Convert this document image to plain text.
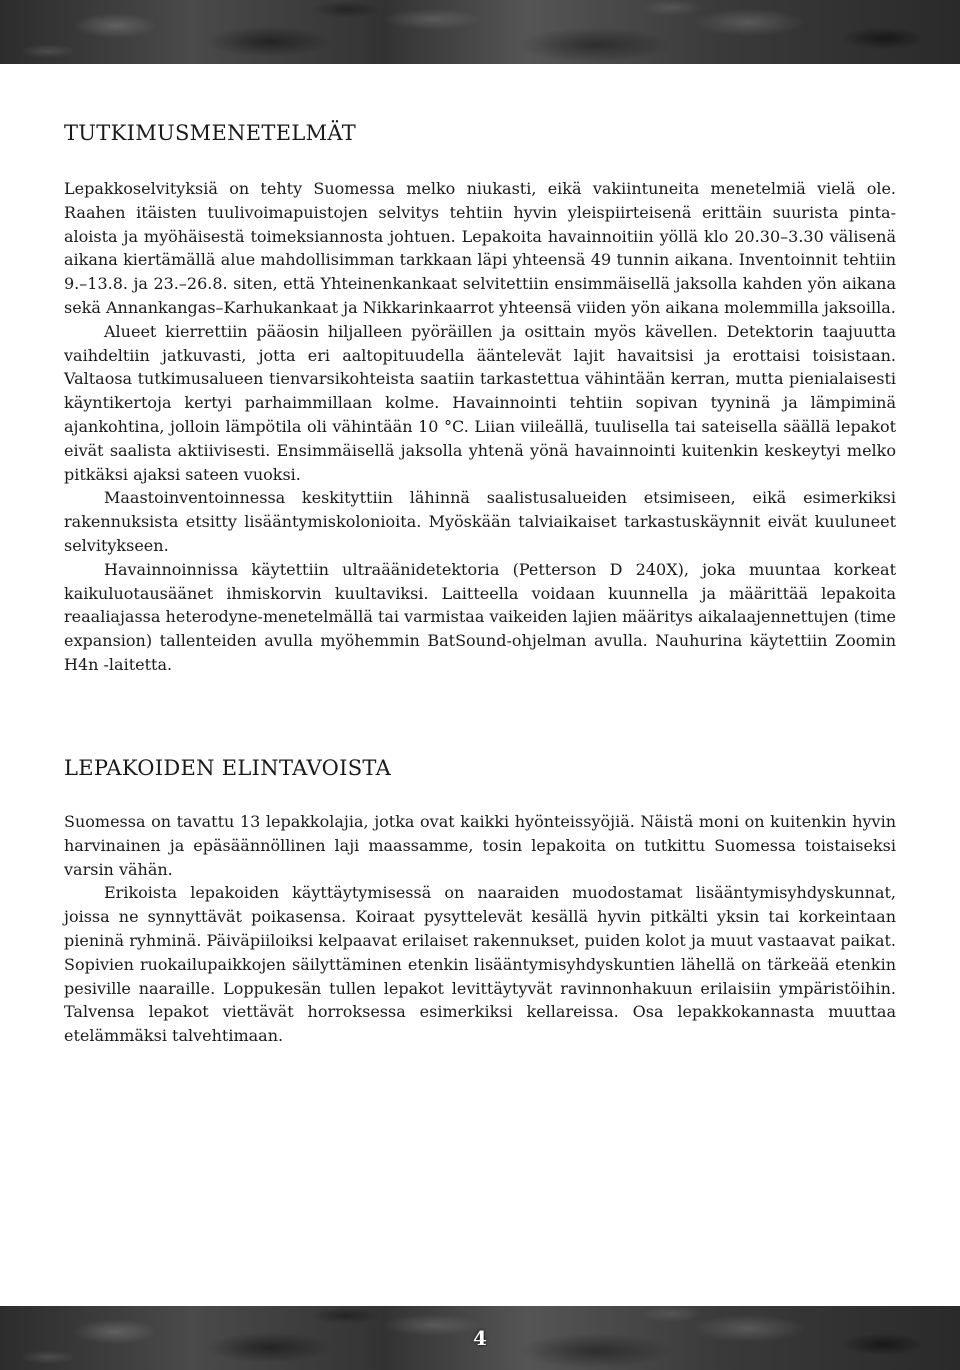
TUTKIMUSMENETELMÄT

Lepakkoselvityksiä on tehty Suomessa melko niukasti, eikä vakiintuneita menetelmiä vielä ole. Raahen itäisten tuulivoimapuistojen selvitys tehtiin hyvin yleispiirteisenä erittäin suurista pinta-aloista ja myöhäisestä toimeksiannosta johtuen. Lepakoita havainnoitiin yöllä klo 20.30–3.30 välisenä aikana kiertämällä alue mahdollisimman tarkkaan läpi yhteensä 49 tunnin aikana. Inventoinnit tehtiin 9.–13.8. ja 23.–26.8. siten, että Yhteinenkankaat selvitettiin ensimmäisellä jaksolla kahden yön aikana sekä Annankangas–Karhukankaat ja Nikkarinkaarrot yhteensä viiden yön aikana molemmilla jaksoilla.

Alueet kierrettiin pääosin hiljalleen pyöräillen ja osittain myös kävellen. Detektorin taajuutta vaihdeltiin jatkuvasti, jotta eri aaltopituudella ääntelevät lajit havaitsisi ja erottaisi toisistaan. Valtaosa tutkimusalueen tienvarsikohteista saatiin tarkastettua vähintään kerran, mutta pienialaisesti käyntikertoja kertyi parhaimmillaan kolme. Havainnointi tehtiin sopivan tyyninä ja lämpiminä ajankohtina, jolloin lämpötila oli vähintään 10 °C. Liian viileällä, tuulisella tai sateisella säällä lepakot eivät saalista aktiivisesti. Ensimmäisellä jaksolla yhtenä yönä havainnointi kuitenkin keskeytyi melko pitkäksi ajaksi sateen vuoksi.

Maastoinventoinnessa keskityttiin lähinnä saalistusalueiden etsimiseen, eikä esimerkiksi rakennuksista etsitty lisääntymiskolonioita. Myöskään talviaikaiset tarkastuskäynnit eivät kuuluneet selvitykseen.

Havainnoinnissa käytettiin ultraäänidetektoria (Petterson D 240X), joka muuntaa korkeat kaikuluotausäänet ihmiskorvin kuultaviksi. Laitteella voidaan kuunnella ja määrittää lepakoita reaaliajassa heterodyne-menetelmällä tai varmistaa vaikeiden lajien määritys aikalaajennettujen (time expansion) tallenteiden avulla myöhemmin BatSound-ohjelman avulla. Nauhurina käytettiin Zoomin H4n -laitetta.

LEPAKOIDEN ELINTAVOISTA

Suomessa on tavattu 13 lepakkolajia, jotka ovat kaikki hyönteissyöjiä. Näistä moni on kuitenkin hyvin harvinainen ja epäsäännöllinen laji maassamme, tosin lepakoita on tutkittu Suomessa toistaiseksi varsin vähän.

Erikoista lepakoiden käyttäytymisessä on naaraiden muodostamat lisääntymisyhdyskunnat, joissa ne synnyttävät poikasensa. Koiraat pysyttelevät kesällä hyvin pitkälti yksin tai korkeintaan pieninä ryhminä. Päiväpiiloiksi kelpaavat erilaiset rakennukset, puiden kolot ja muut vastaavat paikat. Sopivien ruokailupaikkojen säilyttäminen etenkin lisääntymisyhdyskuntien lähellä on tärkeää etenkin pesiville naaraille. Loppukesän tullen lepakot levittäytyvät ravinnonhakuun erilaisiin ympäristöihin. Talvensa lepakot viettävät horroksessa esimerkiksi kellareissa. Osa lepakkokannasta muuttaa etelämmäksi talvehtimaan.

4
